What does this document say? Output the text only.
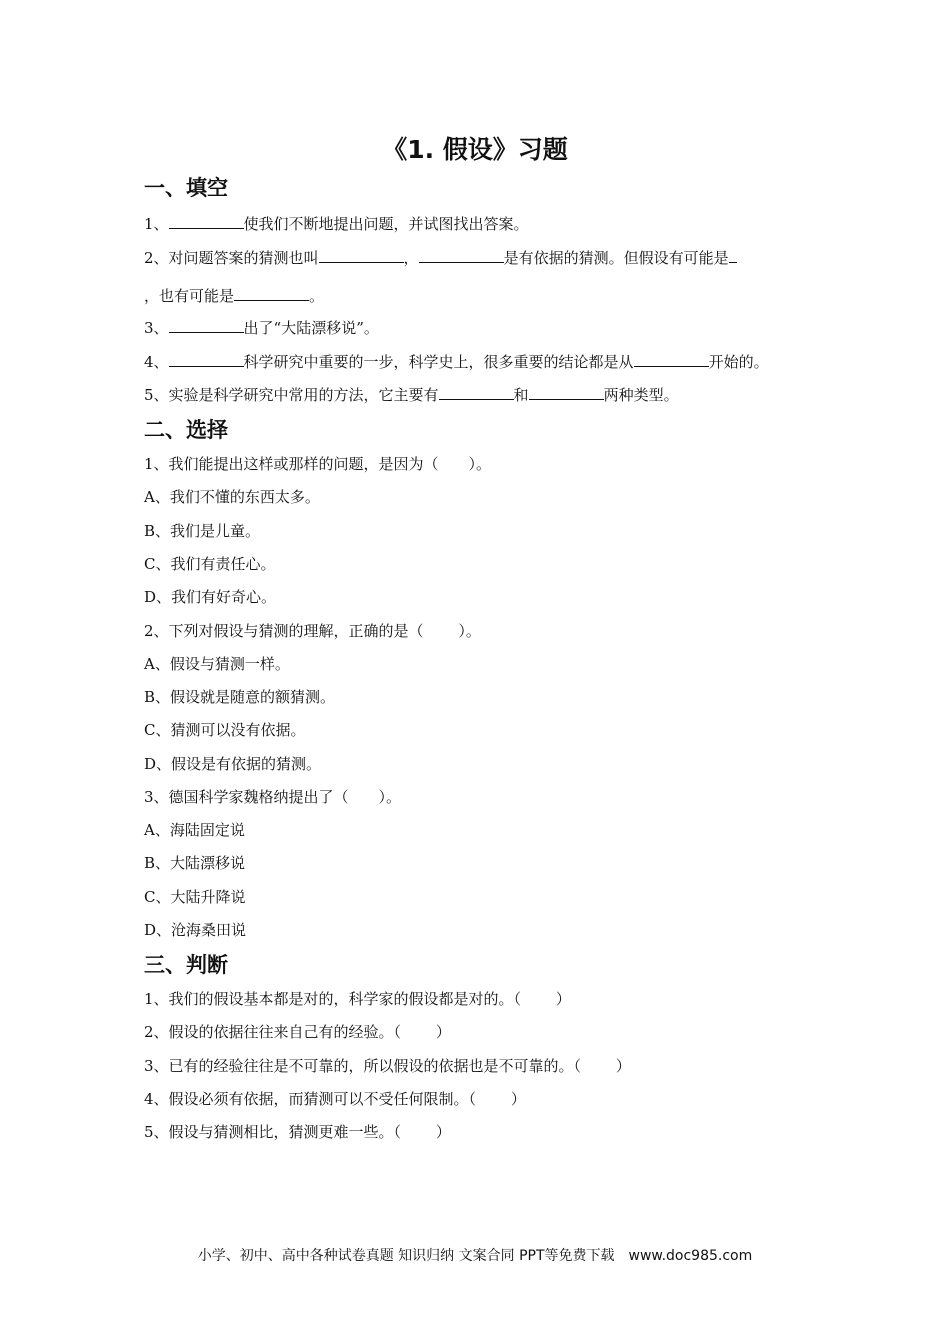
《1. 假设》习题
一、填空
1、	使我们不断地提出问题，并试图找出答案。
2、对问题答案的猜测也叫	，	是有依据的猜测。但假设有可能是
，也有可能是	。
3、	出了“大陆漂移说”。
4、	科学研究中重要的一步，科学史上，很多重要的结论都是从	开始的。
5、实验是科学研究中常用的方法，它主要有	和	两种类型。
二、选择
1、我们能提出这样或那样的问题，是因为（　　）。
A、我们不懂的东西太多。
B、我们是儿童。
C、我们有责任心。
D、我们有好奇心。
2、下列对假设与猜测的理解，正确的是（　　 ）。
A、假设与猜测一样。
B、假设就是随意的额猜测。
C、猜测可以没有依据。
D、假设是有依据的猜测。
3、德国科学家魏格纳提出了（　　）。
A、海陆固定说
B、大陆漂移说
C、大陆升降说
D、沧海桑田说
三、判断
1、我们的假设基本都是对的，科学家的假设都是对的。（　　 ）
2、假设的依据往往来自己有的经验。（　　 ）
3、已有的经验往往是不可靠的，所以假设的依据也是不可靠的。（　　 ）
4、假设必须有依据，而猜测可以不受任何限制。（　　 ）
5、假设与猜测相比，猜测更难一些。（　　 ）
小学、初中、高中各种试卷真题 知识归纳 文案合同 PPT等免费下载　www.doc985.com
